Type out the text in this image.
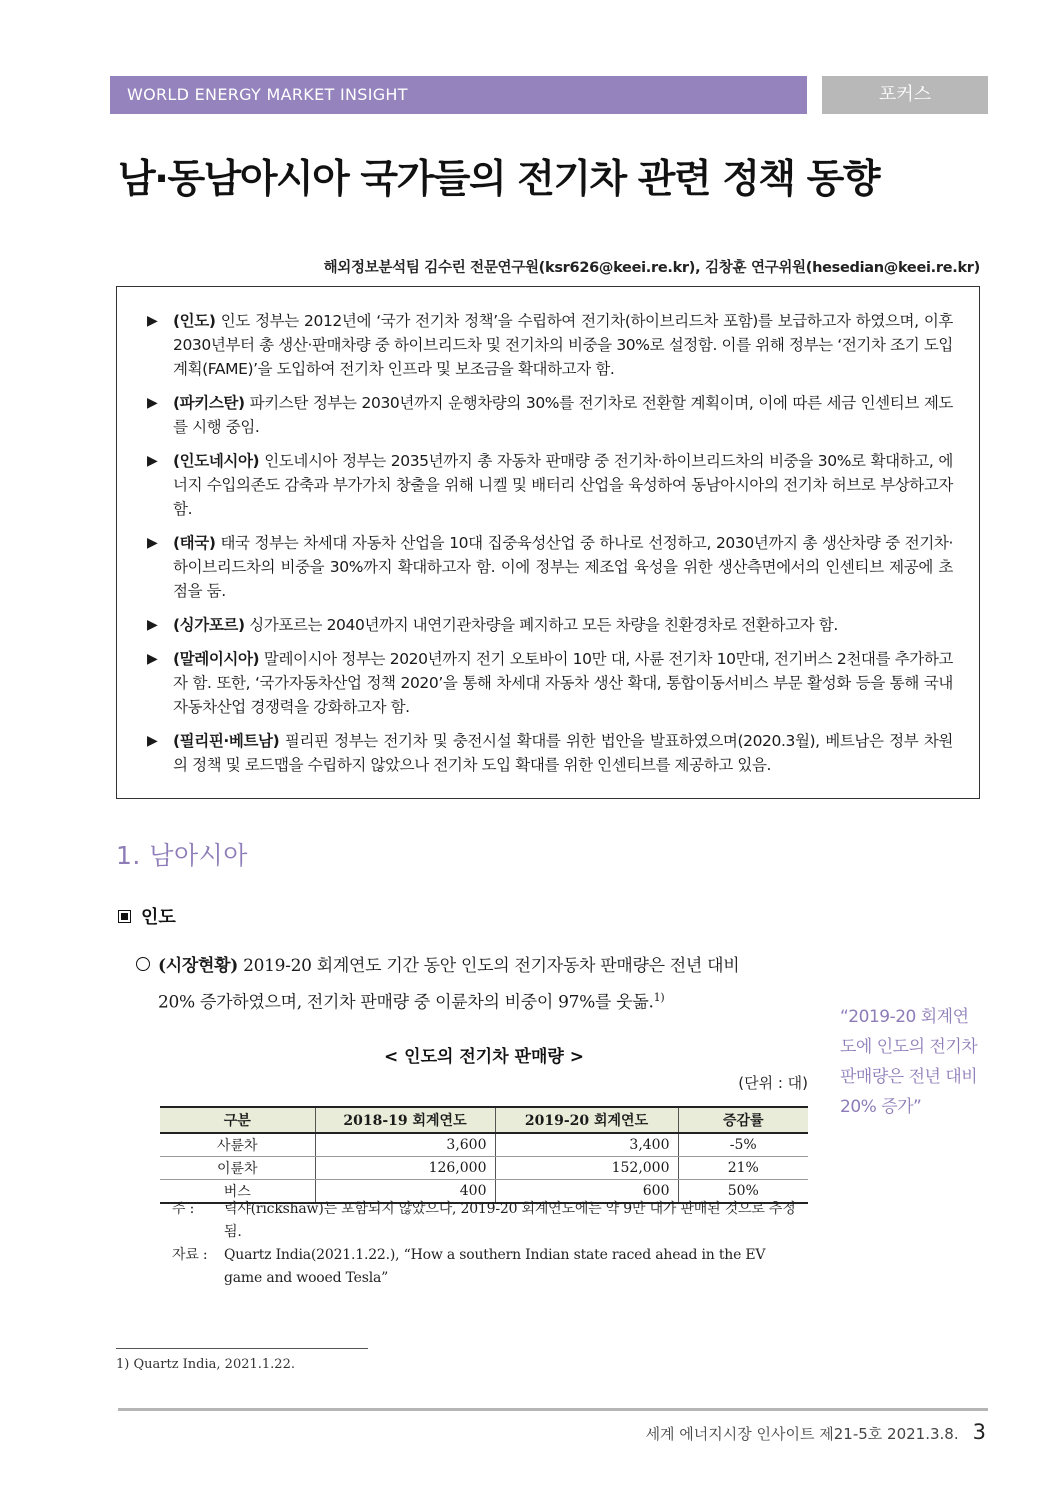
WORLD ENERGY MARKET INSIGHT	포커스
남·동남아시아 국가들의 전기차 관련 정책 동향
해외정보분석팀 김수린 전문연구원(ksr626@keei.re.kr), 김창훈 연구위원(hesedian@keei.re.kr)
▶ (인도) 인도 정부는 2012년에 ‘국가 전기차 정책’을 수립하여 전기차(하이브리드차 포함)를 보급하고자 하였으며, 이후 2030년부터 총 생산·판매차량 중 하이브리드차 및 전기차의 비중을 30%로 설정함. 이를 위해 정부는 ‘전기차 조기 도입계획(FAME)’을 도입하여 전기차 인프라 및 보조금을 확대하고자 함.
▶ (파키스탄) 파키스탄 정부는 2030년까지 운행차량의 30%를 전기차로 전환할 계획이며, 이에 따른 세금 인센티브 제도를 시행 중임.
▶ (인도네시아) 인도네시아 정부는 2035년까지 총 자동차 판매량 중 전기차·하이브리드차의 비중을 30%로 확대하고, 에너지 수입의존도 감축과 부가가치 창출을 위해 니켈 및 배터리 산업을 육성하여 동남아시아의 전기차 허브로 부상하고자 함.
▶ (태국) 태국 정부는 차세대 자동차 산업을 10대 집중육성산업 중 하나로 선정하고, 2030년까지 총 생산차량 중 전기차·하이브리드차의 비중을 30%까지 확대하고자 함. 이에 정부는 제조업 육성을 위한 생산측면에서의 인센티브 제공에 초점을 둠.
▶ (싱가포르) 싱가포르는 2040년까지 내연기관차량을 폐지하고 모든 차량을 친환경차로 전환하고자 함.
▶ (말레이시아) 말레이시아 정부는 2020년까지 전기 오토바이 10만 대, 사륜 전기차 10만대, 전기버스 2천대를 추가하고자 함. 또한, ‘국가자동차산업 정책 2020’을 통해 차세대 자동차 생산 확대, 통합이동서비스 부문 활성화 등을 통해 국내 자동차산업 경쟁력을 강화하고자 함.
▶ (필리핀·베트남) 필리핀 정부는 전기차 및 충전시설 확대를 위한 법안을 발표하였으며(2020.3월), 베트남은 정부 차원의 정책 및 로드맵을 수립하지 않았으나 전기차 도입 확대를 위한 인센티브를 제공하고 있음.
1. 남아시아
인도
(시장현황) 2019-20 회계연도 기간 동안 인도의 전기자동차 판매량은 전년 대비
20% 증가하였으며, 전기차 판매량 중 이륜차의 비중이 97%를 웃돎.$^{1)}$
< 인도의 전기차 판매량 >
(단위 : 대)
구분	2018-19 회계연도	2019-20 회계연도	증감률
사륜차	3,600	3,400	-5%
이륜차	126,000	152,000	21%
버스	400	600	50%
주 : 릭샤(rickshaw)는 포함되지 않았으나, 2019-20 회계연도에는 약 9만 대가 판매된 것으로 추정됨.
자료 : Quartz India(2021.1.22.), “How a southern Indian state raced ahead in the EV game and wooed Tesla”
“2019-20 회계연도에 인도의 전기차 판매량은 전년 대비 20% 증가”
1) Quartz India, 2021.1.22.
세계 에너지시장 인사이트 제21-5호 2021.3.8. 3
